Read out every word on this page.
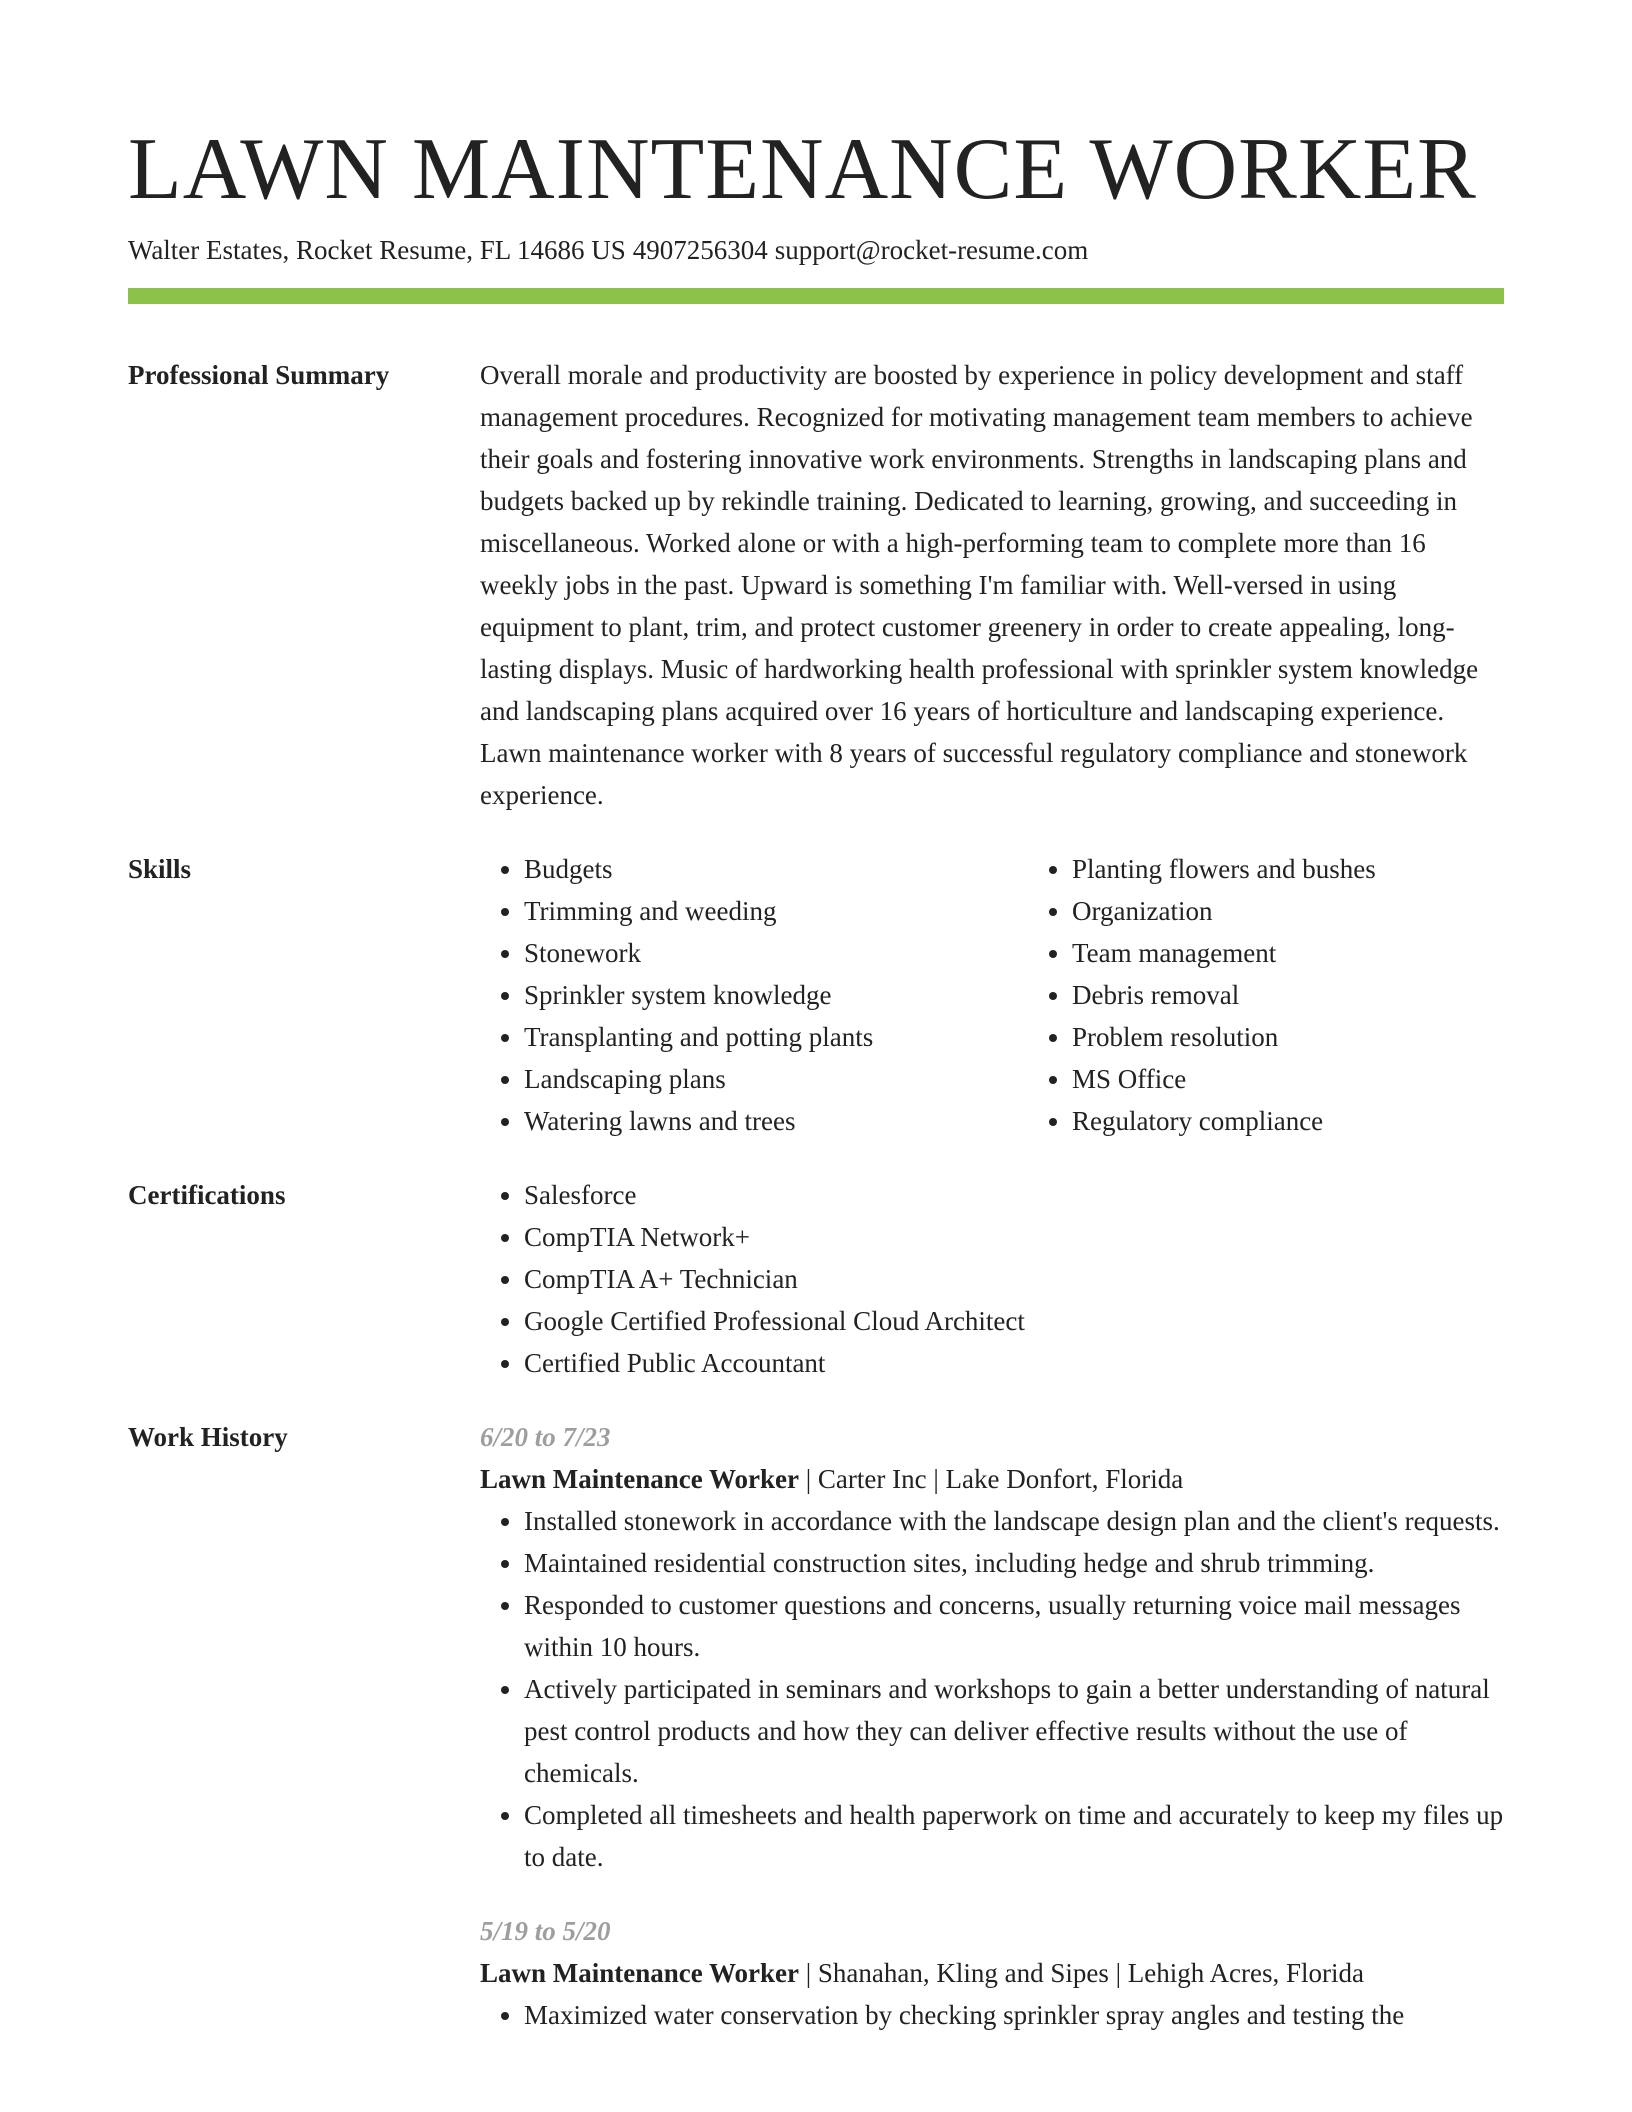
LAWN MAINTENANCE WORKER
Walter Estates, Rocket Resume, FL 14686 US 4907256304 support@rocket-resume.com
Professional Summary	Overall morale and productivity are boosted by experience in policy development and staff management procedures. Recognized for motivating management team members to achieve their goals and fostering innovative work environments. Strengths in landscaping plans and budgets backed up by rekindle training. Dedicated to learning, growing, and succeeding in miscellaneous. Worked alone or with a high-performing team to complete more than 16 weekly jobs in the past. Upward is something I'm familiar with. Well-versed in using equipment to plant, trim, and protect customer greenery in order to create appealing, long-lasting displays. Music of hardworking health professional with sprinkler system knowledge and landscaping plans acquired over 16 years of horticulture and landscaping experience. Lawn maintenance worker with 8 years of successful regulatory compliance and stonework experience.

Skills	• Budgets
• Trimming and weeding
• Stonework
• Sprinkler system knowledge
• Transplanting and potting plants
• Landscaping plans
• Watering lawns and trees
• Planting flowers and bushes
• Organization
• Team management
• Debris removal
• Problem resolution
• MS Office
• Regulatory compliance
Certifications	• Salesforce
• CompTIA Network+
• CompTIA A+ Technician
• Google Certified Professional Cloud Architect
• Certified Public Accountant
Work History	6/20 to 7/23
Lawn Maintenance Worker | Carter Inc | Lake Donfort, Florida
• Installed stonework in accordance with the landscape design plan and the client's requests.
• Maintained residential construction sites, including hedge and shrub trimming.
• Responded to customer questions and concerns, usually returning voice mail messages within 10 hours.
• Actively participated in seminars and workshops to gain a better understanding of natural pest control products and how they can deliver effective results without the use of chemicals.
• Completed all timesheets and health paperwork on time and accurately to keep my files up to date.
5/19 to 5/20
Lawn Maintenance Worker | Shanahan, Kling and Sipes | Lehigh Acres, Florida
• Maximized water conservation by checking sprinkler spray angles and testing the
